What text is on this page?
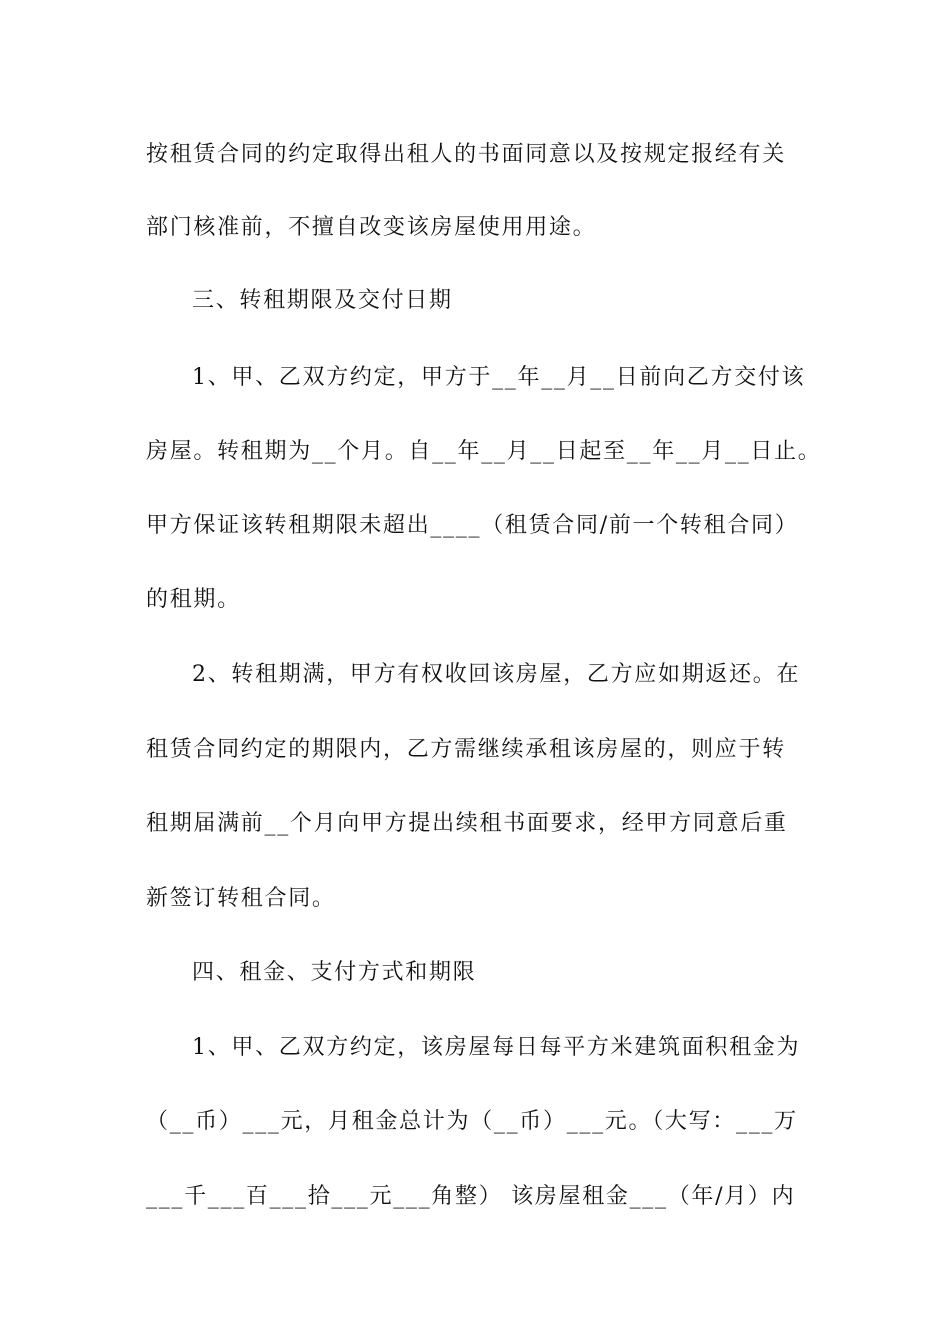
按租赁合同的约定取得出租人的书面同意以及按规定报经有关
部门核准前，不擅自改变该房屋使用用途。
三、转租期限及交付日期
1、甲、乙双方约定，甲方于__年__月__日前向乙方交付该
房屋。转租期为__个月。自__年__月__日起至__年__月__日止。
甲方保证该转租期限未超出____（租赁合同/前一个转租合同）
的租期。
2、转租期满，甲方有权收回该房屋，乙方应如期返还。在
租赁合同约定的期限内，乙方需继续承租该房屋的，则应于转
租期届满前__个月向甲方提出续租书面要求，经甲方同意后重
新签订转租合同。
四、租金、支付方式和期限
1、甲、乙双方约定，该房屋每日每平方米建筑面积租金为
（__币）___元，月租金总计为（__币）___元。（大写：___万
___千___百___拾___元___角整） 该房屋租金___（年/月）内
